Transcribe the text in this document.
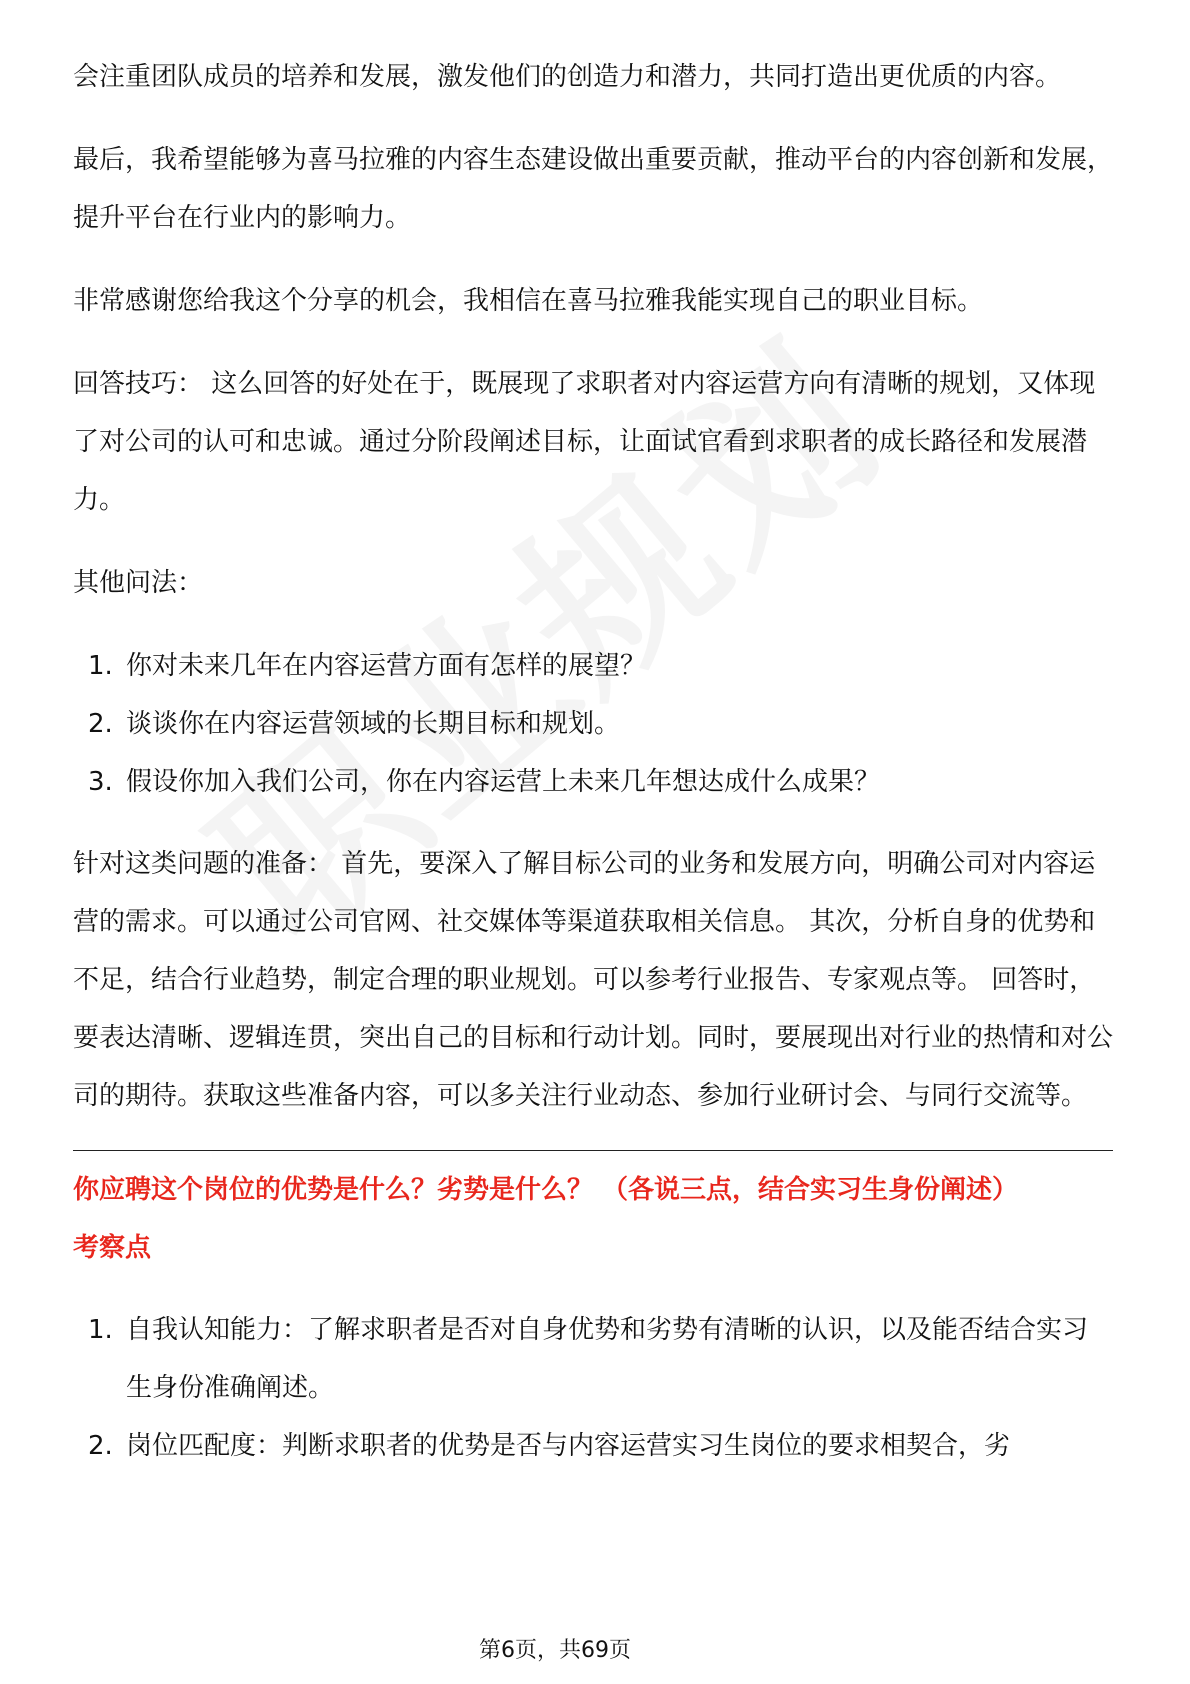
会注重团队成员的培养和发展，激发他们的创造力和潜力，共同打造出更优质的内容。

最后，我希望能够为喜马拉雅的内容生态建设做出重要贡献，推动平台的内容创新和发展，提升平台在行业内的影响力。

非常感谢您给我这个分享的机会，我相信在喜马拉雅我能实现自己的职业目标。

回答技巧： 这么回答的好处在于，既展现了求职者对内容运营方向有清晰的规划，又体现了对公司的认可和忠诚。通过分阶段阐述目标，让面试官看到求职者的成长路径和发展潜力。

其他问法：

1. 你对未来几年在内容运营方面有怎样的展望？
2. 谈谈你在内容运营领域的长期目标和规划。
3. 假设你加入我们公司，你在内容运营上未来几年想达成什么成果？

针对这类问题的准备： 首先，要深入了解目标公司的业务和发展方向，明确公司对内容运营的需求。可以通过公司官网、社交媒体等渠道获取相关信息。 其次，分析自身的优势和不足，结合行业趋势，制定合理的职业规划。可以参考行业报告、专家观点等。 回答时，要表达清晰、逻辑连贯，突出自己的目标和行动计划。同时，要展现出对行业的热情和对公司的期待。获取这些准备内容，可以多关注行业动态、参加行业研讨会、与同行交流等。

你应聘这个岗位的优势是什么？劣势是什么？ （各说三点，结合实习生身份阐述）
考察点
1. 自我认知能力：了解求职者是否对自身优势和劣势有清晰的认识，以及能否结合实习生身份准确阐述。
2. 岗位匹配度：判断求职者的优势是否与内容运营实习生岗位的要求相契合，劣
第6页，共69页
